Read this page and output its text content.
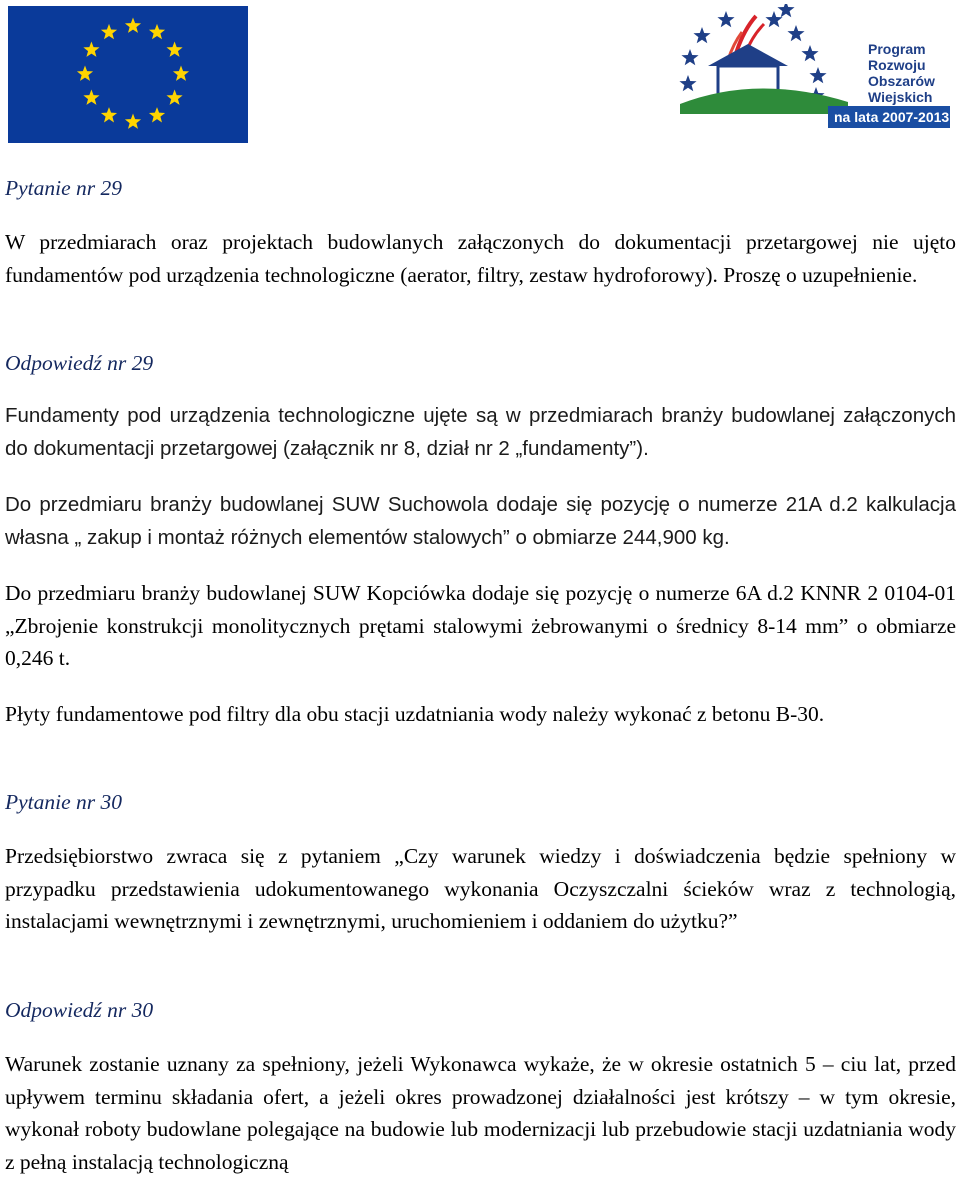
Program
Rozwoju
Obszarów
Wiejskich
na lata 2007-2013
Pytanie nr 29
W przedmiarach oraz projektach budowlanych załączonych do dokumentacji przetargowej nie ujęto fundamentów pod urządzenia technologiczne (aerator, filtry, zestaw hydroforowy). Proszę o uzupełnienie.
Odpowiedź nr 29
Fundamenty pod urządzenia technologiczne ujęte są w przedmiarach branży budowlanej załączonych do dokumentacji przetargowej (załącznik nr 8, dział nr 2 „fundamenty”).
Do przedmiaru branży budowlanej SUW Suchowola dodaje się pozycję o numerze 21A d.2 kalkulacja własna „ zakup i montaż różnych elementów stalowych” o obmiarze 244,900 kg.
Do przedmiaru branży budowlanej SUW Kopciówka dodaje się pozycję o numerze 6A d.2 KNNR 2 0104-01 „Zbrojenie konstrukcji monolitycznych prętami stalowymi żebrowanymi o średnicy 8-14 mm” o obmiarze 0,246 t.
Płyty fundamentowe pod filtry dla obu stacji uzdatniania wody należy wykonać z betonu B-30.
Pytanie nr 30
Przedsiębiorstwo zwraca się z pytaniem „Czy warunek wiedzy i doświadczenia będzie spełniony w przypadku przedstawienia udokumentowanego wykonania Oczyszczalni ścieków wraz z technologią, instalacjami wewnętrznymi i zewnętrznymi, uruchomieniem i oddaniem do użytku?”
Odpowiedź nr 30
Warunek zostanie uznany za spełniony, jeżeli Wykonawca wykaże, że w okresie ostatnich 5 – ciu lat, przed upływem terminu składania ofert, a jeżeli okres prowadzonej działalności jest krótszy – w tym okresie, wykonał roboty budowlane polegające na budowie lub modernizacji lub przebudowie stacji uzdatniania wody z pełną instalacją technologiczną
